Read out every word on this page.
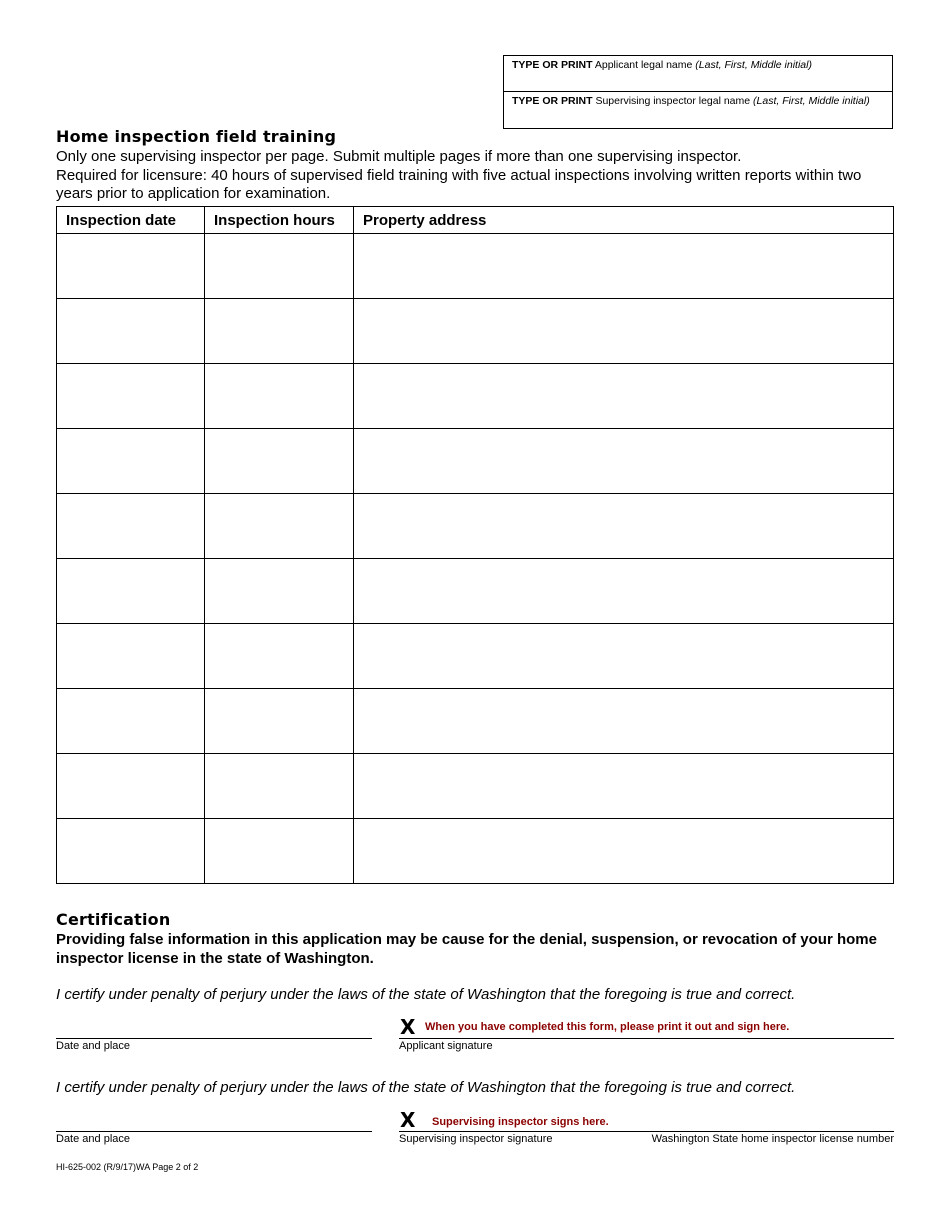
TYPE OR PRINT Applicant legal name (Last, First, Middle initial)
TYPE OR PRINT Supervising inspector legal name (Last, First, Middle initial)
Home inspection field training
Only one supervising inspector per page. Submit multiple pages if more than one supervising inspector.
Required for licensure: 40 hours of supervised field training with five actual inspections involving written reports within two years prior to application for examination.
Inspection date	Inspection hours	Property address

Certification
Providing false information in this application may be cause for the denial, suspension, or revocation of your home inspector license in the state of Washington.
I certify under penalty of perjury under the laws of the state of Washington that the foregoing is true and correct.
X When you have completed this form, please print it out and sign here.
Date and place	Applicant signature
I certify under penalty of perjury under the laws of the state of Washington that the foregoing is true and correct.
X Supervising inspector signs here.
Date and place	Supervising inspector signature	Washington State home inspector license number
HI-625-002 (R/9/17)WA Page 2 of 2
